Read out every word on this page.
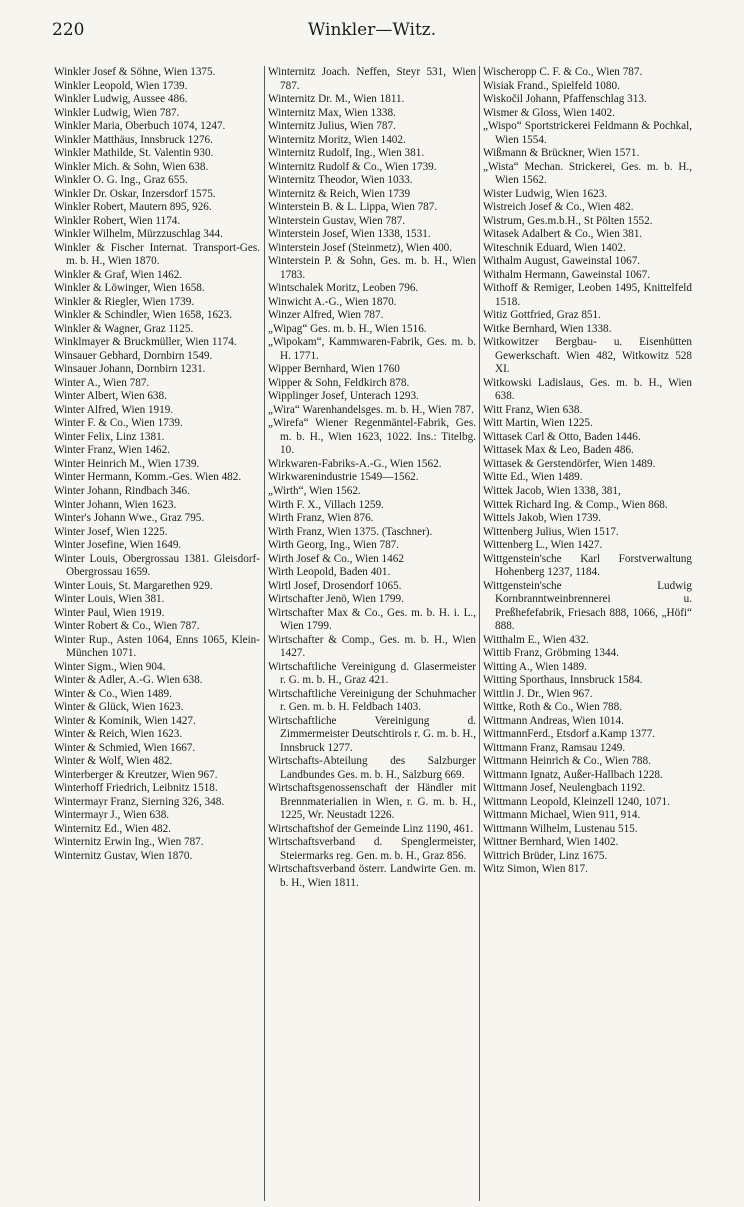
220	Winkler—Witz.

Winkler Josef & Söhne, Wien 1375.

Winkler Leopold, Wien 1739.

Winkler Ludwig, Aussee 486.

Winkler Ludwig, Wien 787.

Winkler Maria, Oberbuch 1074, 1247.

Winkler Matthäus, Innsbruck 1276.

Winkler Mathilde, St. Valentin 930.

Winkler Mich. & Sohn, Wien 638.

Winkler O. G. Ing., Graz 655.

Winkler Dr. Oskar, Inzersdorf 1575.

Winkler Robert, Mautern 895, 926.

Winkler Robert, Wien 1174.

Winkler Wilhelm, Mürzzuschlag 344.

Winkler & Fischer Internat. Transport-Ges. m. b. H., Wien 1870.

Winkler & Graf, Wien 1462.

Winkler & Löwinger, Wien 1658.

Winkler & Riegler, Wien 1739.

Winkler & Schindler, Wien 1658, 1623.

Winkler & Wagner, Graz 1125.

Winklmayer & Bruckmüller, Wien 1174.

Winsauer Gebhard, Dornbirn 1549.

Winsauer Johann, Dornbirn 1231.

Winter A., Wien 787.

Winter Albert, Wien 638.

Winter Alfred, Wien 1919.

Winter F. & Co., Wien 1739.

Winter Felix, Linz 1381.

Winter Franz, Wien 1462.

Winter Heinrich M., Wien 1739.

Winter Hermann, Komm.-Ges. Wien 482.

Winter Johann, Rindbach 346.

Winter Johann, Wien 1623.

Winter's Johann Wwe., Graz 795.

Winter Josef, Wien 1225.

Winter Josefine, Wien 1649.

Winter Louis, Obergrossau 1381. Gleisdorf-Obergrossau 1659.

Winter Louis, St. Margarethen 929.

Winter Louis, Wien 381.

Winter Paul, Wien 1919.

Winter Robert & Co., Wien 787.

Winter Rup., Asten 1064, Enns 1065, Klein-München 1071.

Winter Sigm., Wien 904.

Winter & Adler, A.-G. Wien 638.

Winter & Co., Wien 1489.

Winter & Glück, Wien 1623.

Winter & Kominik, Wien 1427.

Winter & Reich, Wien 1623.

Winter & Schmied, Wien 1667.

Winter & Wolf, Wien 482.

Winterberger & Kreutzer, Wien 967.

Winterhoff Friedrich, Leibnitz 1518.

Wintermayr Franz, Sierning 326, 348.

Wintermayr J., Wien 638.

Winternitz Ed., Wien 482.

Winternitz Erwin Ing., Wien 787.

Winternitz Gustav, Wien 1870.

Winternitz Joach. Neffen, Steyr 531, Wien 787.

Winternitz Dr. M., Wien 1811.

Winternitz Max, Wien 1338.

Winternitz Julius, Wien 787.

Winternitz Moritz, Wien 1402.

Winternitz Rudolf, Ing., Wien 381.

Winternitz Rudolf & Co., Wien 1739.

Winternitz Theodor, Wien 1033.

Winternitz & Reich, Wien 1739

Winterstein B. & L. Lippa, Wien 787.

Winterstein Gustav, Wien 787.

Winterstein Josef, Wien 1338, 1531.

Winterstein Josef (Steinmetz), Wien 400.

Winterstein P. & Sohn, Ges. m. b. H., Wien 1783.

Wintschalek Moritz, Leoben 796.

Winwicht A.-G., Wien 1870.

Winzer Alfred, Wien 787.

„Wipag“ Ges. m. b. H., Wien 1516.

„Wipokam“, Kammwaren-Fabrik, Ges. m. b. H. 1771.

Wipper Bernhard, Wien 1760

Wipper & Sohn, Feldkirch 878.

Wipplinger Josef, Unterach 1293.

„Wira“ Warenhandelsges. m. b. H., Wien 787.

„Wirefa“ Wiener Regenmäntel-Fabrik, Ges. m. b. H., Wien 1623, 1022. Ins.: Titelbg. 10.

Wirkwaren-Fabriks-A.-G., Wien 1562.

Wirkwarenindustrie 1549—1562.

„Wirth“, Wien 1562.

Wirth F. X., Villach 1259.

Wirth Franz, Wien 876.

Wirth Franz, Wien 1375. (Taschner).

Wirth Georg, Ing., Wien 787.

Wirth Josef & Co., Wien 1462

Wirth Leopold, Baden 401.

Wirtl Josef, Drosendorf 1065.

Wirtschafter Jenö, Wien 1799.

Wirtschafter Max & Co., Ges. m. b. H. i. L., Wien 1799.

Wirtschafter & Comp., Ges. m. b. H., Wien 1427.

Wirtschaftliche Vereinigung d. Glasermeister r. G. m. b. H., Graz 421.

Wirtschaftliche Vereinigung der Schuhmacher r. Gen. m. b. H. Feldbach 1403.

Wirtschaftliche Vereinigung d. Zimmermeister Deutschtirols r. G. m. b. H., Innsbruck 1277.

Wirtschafts-Abteilung des Salzburger Landbundes Ges. m. b. H., Salzburg 669.

Wirtschaftsgenossenschaft der Händler mit Brennmaterialien in Wien, r. G. m. b. H., 1225, Wr. Neustadt 1226.

Wirtschaftshof der Gemeinde Linz 1190, 461.

Wirtschaftsverband d. Spenglermeister, Steiermarks reg. Gen. m. b. H., Graz 856.

Wirtschaftsverband österr. Landwirte Gen. m. b. H., Wien 1811.

Wischeropp C. F. & Co., Wien 787.

Wisiak Frand., Spielfeld 1080.

Wiskočil Johann, Pfaffenschlag 313.

Wismer & Gloss, Wien 1402.

„Wispo“ Sportstrickerei Feldmann & Pochkal, Wien 1554.

Wißmann & Brückner, Wien 1571.

„Wista“ Mechan. Strickerei, Ges. m. b. H., Wien 1562.

Wister Ludwig, Wien 1623.

Wistreich Josef & Co., Wien 482.

Wistrum, Ges.m.b.H., St Pölten 1552.

Witasek Adalbert & Co., Wien 381.

Witeschnik Eduard, Wien 1402.

Withalm August, Gaweinstal 1067.

Withalm Hermann, Gaweinstal 1067.

Withoff & Remiger, Leoben 1495, Knittelfeld 1518.

Witiz Gottfried, Graz 851.

Witke Bernhard, Wien 1338.

Witkowitzer Bergbau- u. Eisenhütten Gewerkschaft. Wien 482, Witkowitz 528 XI.

Witkowski Ladislaus, Ges. m. b. H., Wien 638.

Witt Franz, Wien 638.

Witt Martin, Wien 1225.

Wittasek Carl & Otto, Baden 1446.

Wittasek Max & Leo, Baden 486.

Wittasek & Gerstendörfer, Wien 1489.

Witte Ed., Wien 1489.

Wittek Jacob, Wien 1338, 381,

Wittek Richard Ing. & Comp., Wien 868.

Wittels Jakob, Wien 1739.

Wittenberg Julius, Wien 1517.

Wittenberg L., Wien 1427.

Wittgenstein'sche Karl Forstverwaltung Hohenberg 1237, 1184.

Wittgenstein'sche Ludwig Kornbranntweinbrennerei u. Preßhefefabrik, Friesach 888, 1066, „Höfi“ 888.

Witthalm E., Wien 432.

Wittib Franz, Gröbming 1344.

Witting A., Wien 1489.

Witting Sporthaus, Innsbruck 1584.

Wittlin J. Dr., Wien 967.

Wittke, Roth & Co., Wien 788.

Wittmann Andreas, Wien 1014.

WittmannFerd., Etsdorf a.Kamp 1377.

Wittmann Franz, Ramsau 1249.

Wittmann Heinrich & Co., Wien 788.

Wittmann Ignatz, Außer-Hallbach 1228.

Wittmann Josef, Neulengbach 1192.

Wittmann Leopold, Kleinzell 1240, 1071.

Wittmann Michael, Wien 911, 914.

Wittmann Wilhelm, Lustenau 515.

Wittner Bernhard, Wien 1402.

Wittrich Brüder, Linz 1675.

Witz Simon, Wien 817.
